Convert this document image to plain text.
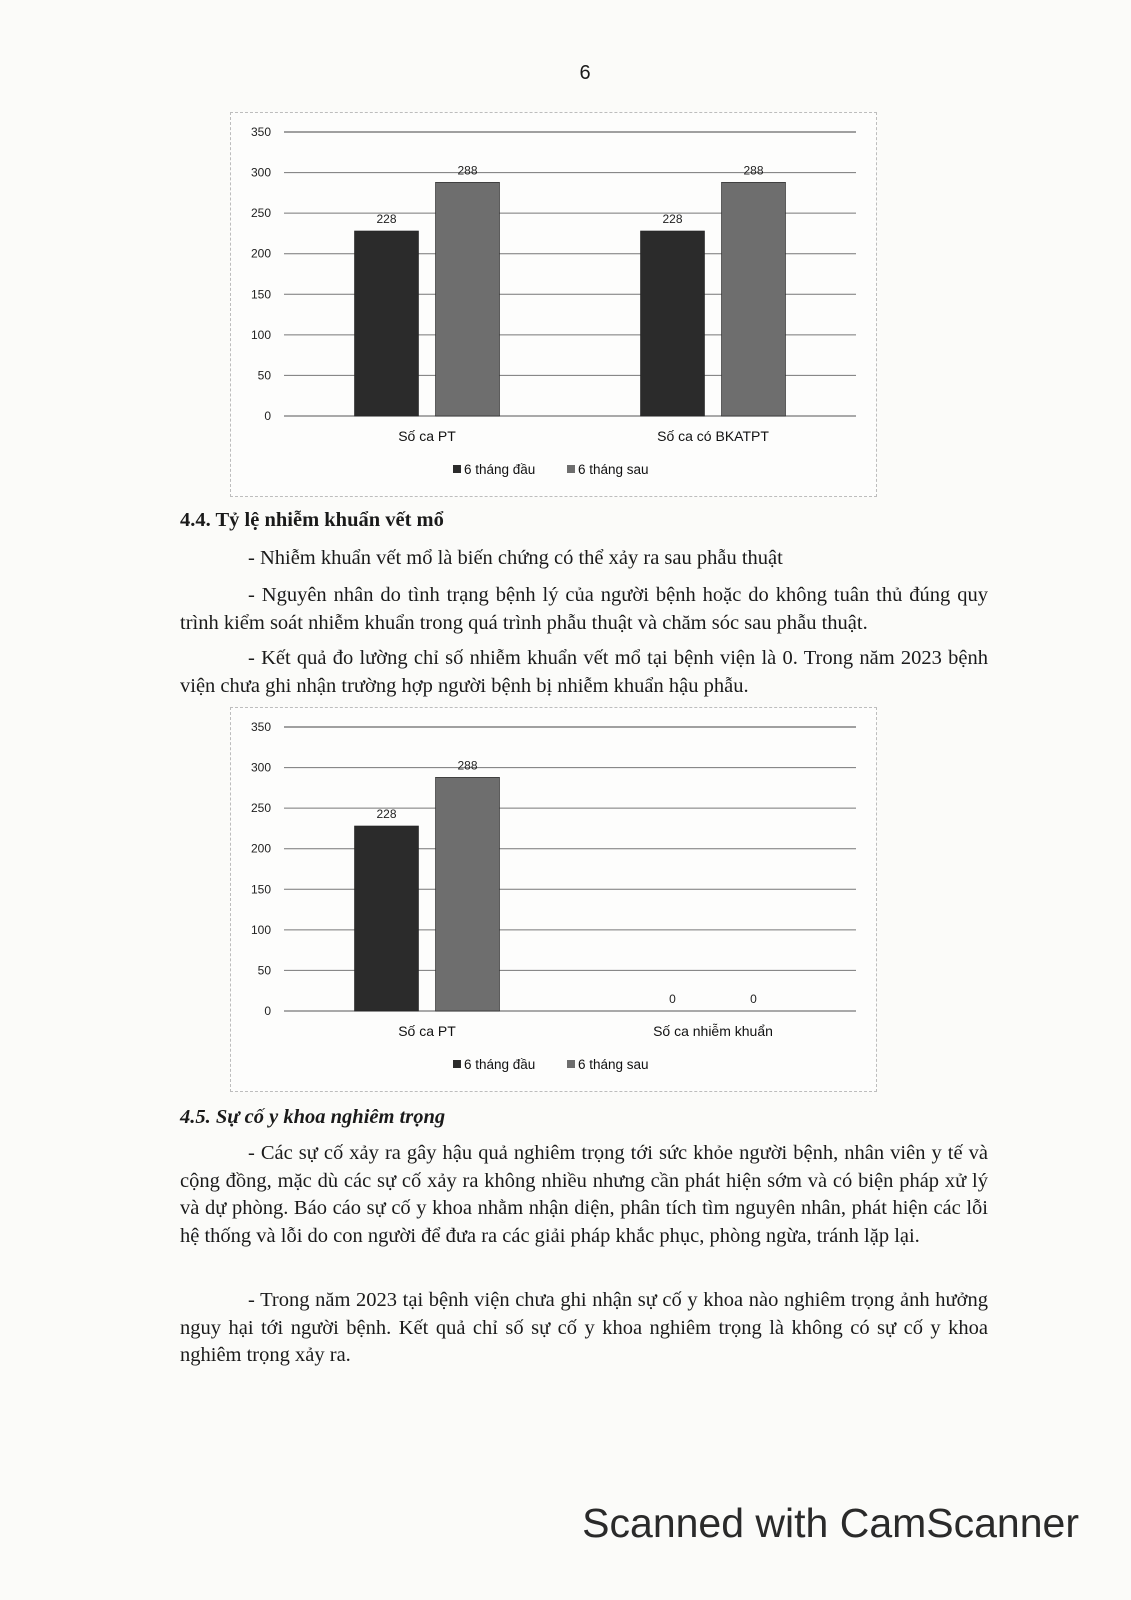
6
0
50
100
150
200
250
300
350
228
288
Số ca PT
228
288
Số ca có BKATPT
6 tháng đầu	6 tháng sau
4.4. Tỷ lệ nhiễm khuẩn vết mổ
- Nhiễm khuẩn vết mổ là biến chứng có thể xảy ra sau phẫu thuật
- Nguyên nhân do tình trạng bệnh lý của người bệnh hoặc do không tuân thủ đúng quy trình kiểm soát nhiễm khuẩn trong quá trình phẫu thuật và chăm sóc sau phẫu thuật.
- Kết quả đo lường chỉ số nhiễm khuẩn vết mổ tại bệnh viện là 0. Trong năm 2023 bệnh viện chưa ghi nhận trường hợp người bệnh bị nhiễm khuẩn hậu phẫu.
0
50
100
150
200
250
300
350
228
288
Số ca PT
0	0
Số ca nhiễm khuẩn
6 tháng đầu	6 tháng sau
4.5. Sự cố y khoa nghiêm trọng
- Các sự cố xảy ra gây hậu quả nghiêm trọng tới sức khỏe người bệnh, nhân viên y tế và cộng đồng, mặc dù các sự cố xảy ra không nhiều nhưng cần phát hiện sớm và có biện pháp xử lý và dự phòng. Báo cáo sự cố y khoa nhằm nhận diện, phân tích tìm nguyên nhân, phát hiện các lỗi hệ thống và lỗi do con người để đưa ra các giải pháp khắc phục, phòng ngừa, tránh lặp lại.
- Trong năm 2023 tại bệnh viện chưa ghi nhận sự cố y khoa nào nghiêm trọng ảnh hưởng nguy hại tới người bệnh. Kết quả chỉ số sự cố y khoa nghiêm trọng là không có sự cố y khoa nghiêm trọng xảy ra.
Scanned with CamScanner
